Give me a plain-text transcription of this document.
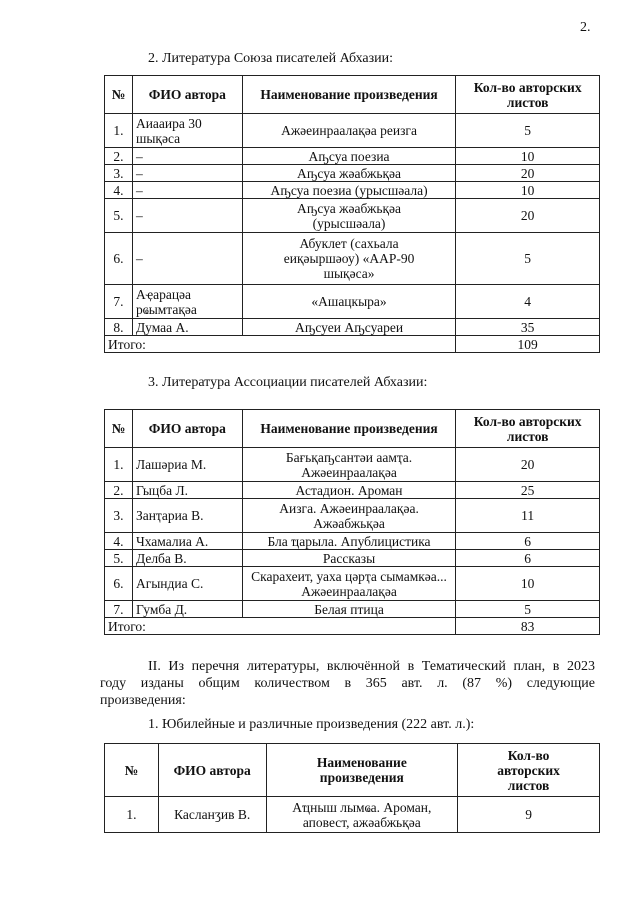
2.
2. Литература Союза писателей Абхазии:
№	ФИО автора	Наименование произведения	Кол-во авторских листов
1.	Аиааира 30 шықәса	Ажәеинраалақәа реизга	5
2.	–	Аҧсуа поезиа	10
3.	–	Аҧсуа жәабжьқәа	20
4.	–	Аҧсуа поезиа (урысшәала)	10
5.	–	Аҧсуа жәабжьқәа (урысшәала)	20
6.	–	Абуклет (сахьала еиқәыршәоу) «ААР-90 шықәса»	5
7.	Аҿарацәа рҩымтақәа	«Ашацкыра»	4
8.	Думаа А.	Аҧсуеи Аҧсуареи	35
Итого:			109
3. Литература Ассоциации писателей Абхазии:
№	ФИО автора	Наименование произведения	Кол-во авторских листов
1.	Лашәриа М.	Бағьқаҧсантәи аамҭа. Ажәеинраалақәа	20
2.	Гыцба Л.	Астадион. Ароман	25
3.	Занҭариа В.	Аизга. Ажәеинраалақәа. Ажәабжьқәа	11
4.	Чхамалиа А.	Бла ҵарыла. Апублицистика	6
5.	Делба В.	Рассказы	6
6.	Агындиа С.	Скарахеит, уаха цәрҭа сымамкәа... Ажәеинраалақәа	10
7.	Гумба Д.	Белая птица	5
Итого:			83
II. Из перечня литературы, включённой в Тематический план, в 2023
году изданы общим количеством в 365 авт. л. (87 %) следующие
произведения:
1. Юбилейные и различные произведения (222 авт. л.):
№	ФИО автора	Наименование произведения	Кол-во авторских листов
1.	Касланӡив В.	Аҵныш лымҩа. Ароман, аповест, ажәабжьқәа	9
